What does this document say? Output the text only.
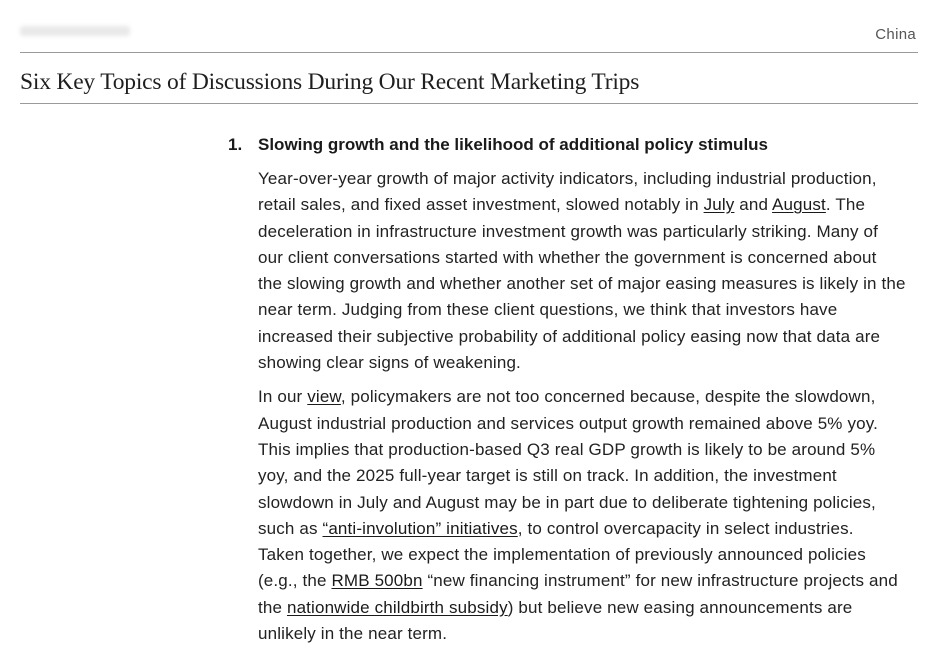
China
Six Key Topics of Discussions During Our Recent Marketing Trips
1. Slowing growth and the likelihood of additional policy stimulus
Year-over-year growth of major activity indicators, including industrial production,
retail sales, and fixed asset investment, slowed notably in July and August. The
deceleration in infrastructure investment growth was particularly striking. Many of
our client conversations started with whether the government is concerned about
the slowing growth and whether another set of major easing measures is likely in the
near term. Judging from these client questions, we think that investors have
increased their subjective probability of additional policy easing now that data are
showing clear signs of weakening.
In our view, policymakers are not too concerned because, despite the slowdown,
August industrial production and services output growth remained above 5% yoy.
This implies that production-based Q3 real GDP growth is likely to be around 5%
yoy, and the 2025 full-year target is still on track. In addition, the investment
slowdown in July and August may be in part due to deliberate tightening policies,
such as “anti-involution” initiatives, to control overcapacity in select industries.
Taken together, we expect the implementation of previously announced policies
(e.g., the RMB 500bn “new financing instrument” for new infrastructure projects and
the nationwide childbirth subsidy) but believe new easing announcements are
unlikely in the near term.
